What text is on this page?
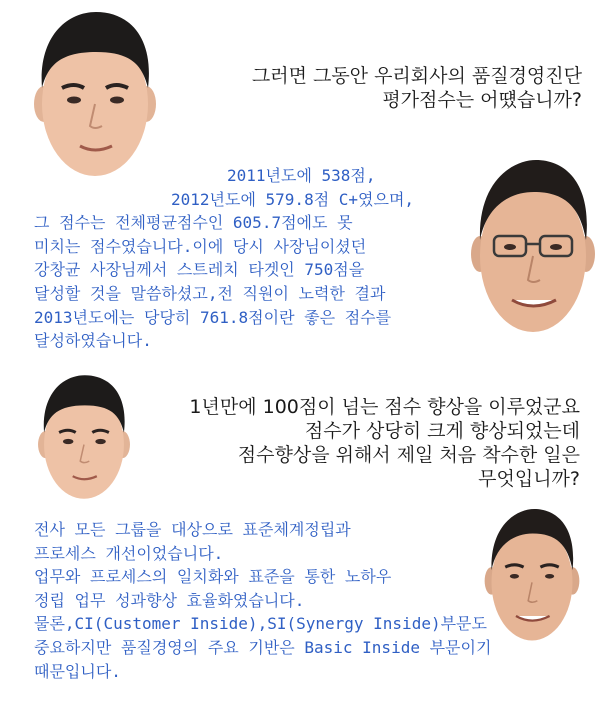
그러면 그동안 우리회사의 품질경영진단
평가점수는 어떘습니까?
2011년도에 538점,
2012년도에 579.8점 C+였으며,
그 점수는 전체평균점수인 605.7점에도 못
미치는 점수였습니다.이에 당시 사장님이셨던
강창균 사장님께서 스트레치 타겟인 750점을
달성할 것을 말씀하셨고,전 직원이 노력한 결과
2013년도에는 당당히 761.8점이란 좋은 점수를
달성하였습니다.
1년만에 100점이 넘는 점수 향상을 이루었군요
점수가 상당히 크게 향상되었는데
점수향상을 위해서 제일 처음 착수한 일은
무엇입니까?
전사 모든 그룹을 대상으로 표준체계정립과
프로세스 개선이었습니다.
업무와 프로세스의 일치화와 표준을 통한 노하우
정립 업무 성과향상 효율화였습니다.
물론,CI(Customer Inside),SI(Synergy Inside)부문도
중요하지만 품질경영의 주요 기반은 Basic Inside 부문이기
때문입니다.
